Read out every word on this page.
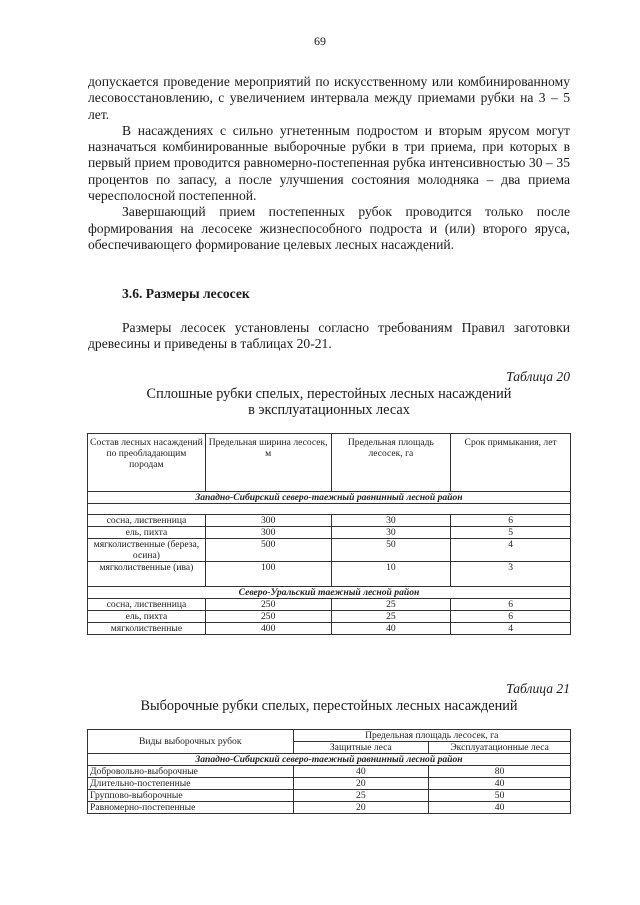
69

допускается проведение мероприятий по искусственному или комбинированному лесовосстановлению, с увеличением интервала между приемами рубки на 3 – 5 лет.

В насаждениях с сильно угнетенным подростом и вторым ярусом могут назначаться комбинированные выборочные рубки в три приема, при которых в первый прием проводится равномерно-постепенная рубка интенсивностью 30 – 35 процентов по запасу, а после улучшения состояния молодняка – два приема чересполосной постепенной.

Завершающий прием постепенных рубок проводится только после формирования на лесосеке жизнеспособного подроста и (или) второго яруса, обеспечивающего формирование целевых лесных насаждений.

3.6. Размеры лесосек

Размеры лесосек установлены согласно требованиям Правил заготовки древесины и приведены в таблицах 20-21.

Таблица 20
Сплошные рубки спелых, перестойных лесных насаждений
в эксплуатационных лесах
Состав лесных насаждений по преобладающим породам	Предельная ширина лесосек, м	Предельная площадь лесосек, га	Срок примыкания, лет
Западно-Сибирский северо-таежный равнинный лесной район			

сосна, лиственница	300	30	6
ель, пихта	300	30	5
мягколиственные (береза, осина)	500	50	4
мягколиственные (ива)	100	10	3
Северо-Уральский таежный лесной район			
сосна, лиственница	250	25	6
ель, пихта	250	25	6
мягколиственные	400	40	4
Таблица 21
Выборочные рубки спелых, перестойных лесных насаждений
Виды выборочных рубок	Предельная площадь лесосек, га	
	Защитные леса	Эксплуатационные леса
Западно-Сибирский северо-таежный равнинный лесной район		
Добровольно-выборочные	40	80
Длительно-постепенные	20	40
Группово-выборочные	25	50
Равномерно-постепенные	20	40
